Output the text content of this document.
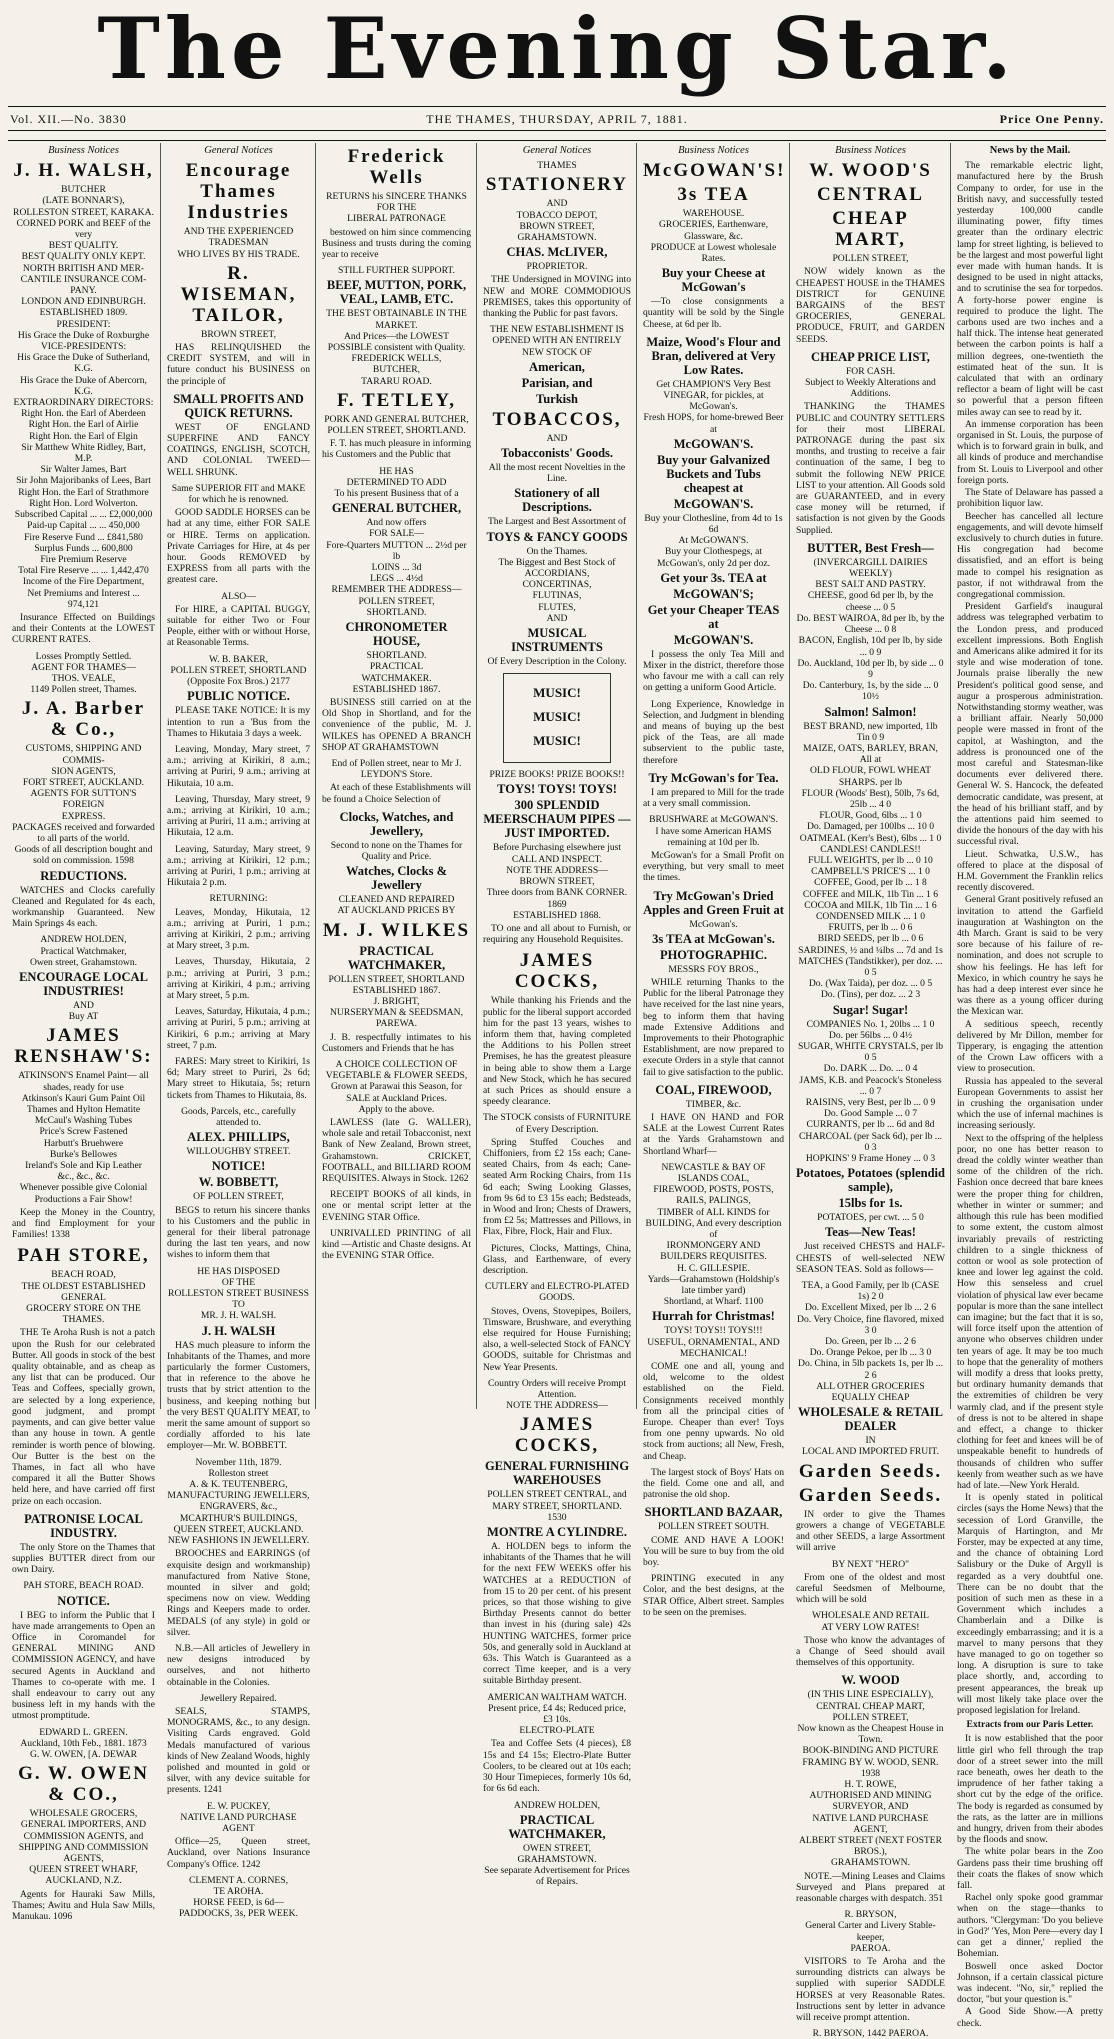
The Evening Star.
Vol. XII.—No. 3830	THE THAMES, THURSDAY, APRIL 7, 1881.	Price One Penny.
Business Notices
J. H. WALSH,
BUTCHER
(LATE BONNAR'S),
ROLLESTON STREET, KARAKA.
CORNED PORK and BEEF of the very
BEST QUALITY.
BEST QUALITY ONLY KEPT.
NORTH BRITISH AND MER-
CANTILE INSURANCE COM-
PANY.
LONDON AND EDINBURGH.
ESTABLISHED 1809.
PRESIDENT:
His Grace the Duke of Roxburghe
VICE-PRESIDENTS:
His Grace the Duke of Sutherland, K.G.
His Grace the Duke of Abercorn, K.G.
EXTRAORDINARY DIRECTORS:
Right Hon. the Earl of Aberdeen
Right Hon. the Earl of Airlie
Right Hon. the Earl of Elgin
Sir Matthew White Ridley, Bart, M.P.
Sir Walter James, Bart
Sir John Majoribanks of Lees, Bart
Right Hon. the Earl of Strathmore
Right Hon. Lord Wolverton.
Subscribed Capital ... ... £2,000,000
Paid-up Capital ... ... 450,000
Fire Reserve Fund ... £841,580
Surplus Funds ... 600,800
Fire Premium Reserve
Total Fire Reserve ... ... 1,442,470
Income of the Fire Department,
Net Premiums and Interest ... 974,121
Insurance Effected on Buildings and their Contents at the LOWEST CURRENT RATES.
Losses Promptly Settled.
AGENT FOR THAMES—
THOS. VEALE,
1149 Pollen street, Thames.
J. A. Barber & Co.,
CUSTOMS, SHIPPING AND COMMIS-
SION AGENTS,
FORT STREET, AUCKLAND.
AGENTS FOR SUTTON'S FOREIGN
EXPRESS.
PACKAGES received and forwarded to all parts of the world.
Goods of all description bought and sold on commission. 1598
REDUCTIONS.
WATCHES and Clocks carefully Cleaned and Regulated for 4s each, workmanship Guaranteed. New Main Springs 4s each.
ANDREW HOLDEN,
Practical Watchmaker,
Owen street, Grahamstown.
ENCOURAGE LOCAL INDUSTRIES!
AND
Buy AT
JAMES RENSHAW'S:
ATKINSON'S Enamel Paint— all shades, ready for use
Atkinson's Kauri Gum Paint Oil
Thames and Hylton Hematite
McCaul's Washing Tubes
Price's Screw Fastened
Harbutt's Bruehwere
Burke's Bellowes
Ireland's Sole and Kip Leather
&c., &c., &c.
Whenever possible give Colonial Productions a Fair Show!
Keep the Money in the Country, and find Employment for your Families! 1338
PAH STORE,
BEACH ROAD,
THE OLDEST ESTABLISHED GENERAL
GROCERY STORE ON THE THAMES.
THE Te Aroha Rush is not a patch upon the Rush for our celebrated Butter. All goods in stock of the best quality obtainable, and as cheap as any list that can be produced. Our Teas and Coffees, specially grown, are selected by a long experience, good judgment, and prompt payments, and can give better value than any house in town. A gentle reminder is worth pence of blowing. Our Butter is the best on the Thames, in fact all who have compared it all the Butter Shows held here, and have carried off first prize on each occasion.
PATRONISE LOCAL INDUSTRY.
The only Store on the Thames that supplies BUTTER direct from our own Dairy.
PAH STORE, BEACH ROAD.
NOTICE.
I BEG to inform the Public that I have made arrangements to Open an Office in Coromandel for GENERAL MINING AND COMMISSION AGENCY, and have secured Agents in Auckland and Thames to co-operate with me. I shall endeavour to carry out any business left in my hands with the utmost promptitude.
EDWARD L. GREEN.
Auckland, 10th Feb., 1881. 1873
G. W. OWEN, [A. DEWAR
G. W. OWEN & CO.,
WHOLESALE GROCERS, GENERAL IMPORTERS, AND
COMMISSION AGENTS, and SHIPPING AND COMMISSION AGENTS,
QUEEN STREET WHARF,
AUCKLAND, N.Z.
Agents for Hauraki Saw Mills, Thames; Awitu and Hula Saw Mills, Manukau. 1096
General Notices
Encourage Thames Industries
AND THE EXPERIENCED TRADESMAN
WHO LIVES BY HIS TRADE.
R. WISEMAN, TAILOR,
BROWN STREET,
HAS RELINQUISHED the CREDIT SYSTEM, and will in future conduct his BUSINESS on the principle of
SMALL PROFITS AND QUICK RETURNS.
WEST OF ENGLAND SUPERFINE AND FANCY COATINGS, ENGLISH, SCOTCH, AND COLONIAL TWEED—WELL SHRUNK.
Same SUPERIOR FIT and MAKE for which he is renowned.
GOOD SADDLE HORSES can be had at any time, either FOR SALE or HIRE. Terms on application. Private Carriages for Hire, at 4s per hour. Goods REMOVED by EXPRESS from all parts with the greatest care.
ALSO—
For HIRE, a CAPITAL BUGGY, suitable for either Two or Four People, either with or without Horse, at Reasonable Terms.
W. B. BAKER,
POLLEN STREET, SHORTLAND
(Opposite Fox Bros.) 2177
PUBLIC NOTICE.
PLEASE TAKE NOTICE: It is my intention to run a 'Bus from the Thames to Hikutaia 3 days a week.
Leaving, Monday, Mary street, 7 a.m.; arriving at Kirikiri, 8 a.m.; arriving at Puriri, 9 a.m.; arriving at Hikutaia, 10 a.m.
Leaving, Thursday, Mary street, 9 a.m.; arriving at Kirikiri, 10 a.m.; arriving at Puriri, 11 a.m.; arriving at Hikutaia, 12 a.m.
Leaving, Saturday, Mary street, 9 a.m.; arriving at Kirikiri, 12 p.m.; arriving at Puriri, 1 p.m.; arriving at Hikutaia 2 p.m.
RETURNING:
Leaves, Monday, Hikutaia, 12 a.m.; arriving at Puriri, 1 p.m.; arriving at Kirikiri, 2 p.m.; arriving at Mary street, 3 p.m.
Leaves, Thursday, Hikutaia, 2 p.m.; arriving at Puriri, 3 p.m.; arriving at Kirikiri, 4 p.m.; arriving at Mary street, 5 p.m.
Leaves, Saturday, Hikutaia, 4 p.m.; arriving at Puriri, 5 p.m.; arriving at Kirikiri, 6 p.m.; arriving at Mary street, 7 p.m.
FARES: Mary street to Kirikiri, 1s 6d; Mary street to Puriri, 2s 6d; Mary street to Hikutaia, 5s; return tickets from Thames to Hikutaia, 8s.
Goods, Parcels, etc., carefully attended to.
ALEX. PHILLIPS,
WILLOUGHBY STREET.
NOTICE!
W. BOBBETT,
OF POLLEN STREET,
BEGS to return his sincere thanks to his Customers and the public in general for their liberal patronage during the last ten years, and now wishes to inform them that
HE HAS DISPOSED
OF THE
ROLLESTON STREET BUSINESS
TO
MR. J. H. WALSH.
J. H. WALSH
HAS much pleasure to inform the Inhabitants of the Thames, and more particularly the former Customers, that in reference to the above he trusts that by strict attention to the business, and keeping nothing but the very BEST QUALITY MEAT, to merit the same amount of support so cordially afforded to his late employer—Mr. W. BOBBETT.
November 11th, 1879.
Rolleston street
A. & K. TEUTENBERG,
MANUFACTURING JEWELLERS,
ENGRAVERS, &c.,
MCARTHUR'S BUILDINGS, QUEEN STREET, AUCKLAND.
NEW FASHIONS IN JEWELLERY.
BROOCHES and EARRINGS (of exquisite design and workmanship) manufactured from Native Stone, mounted in silver and gold; specimens now on view. Wedding Rings and Keepers made to order. MEDALS (of any style) in gold or silver.
N.B.—All articles of Jewellery in new designs introduced by ourselves, and not hitherto obtainable in the Colonies.
Jewellery Repaired.
SEALS, STAMPS, MONOGRAMS, &c., to any design. Visiting Cards engraved. Gold Medals manufactured of various kinds of New Zealand Woods, highly polished and mounted in gold or silver, with any device suitable for presents. 1241
E. W. PUCKEY,
NATIVE LAND PURCHASE AGENT
Office—25, Queen street, Auckland, over Nations Insurance Company's Office. 1242
CLEMENT A. CORNES,
TE AROHA.
HORSE FEED, is 6d—PADDOCKS, 3s, PER WEEK.
Frederick Wells
RETURNS his SINCERE THANKS FOR THE
LIBERAL PATRONAGE
bestowed on him since commencing Business and trusts during the coming year to receive
STILL FURTHER SUPPORT.
BEEF, MUTTON, PORK, VEAL, LAMB, ETC.
THE BEST OBTAINABLE IN THE MARKET.
And Prices—the LOWEST POSSIBLE consistent with Quality.
FREDERICK WELLS,
BUTCHER,
TARARU ROAD.
F. TETLEY,
PORK AND GENERAL BUTCHER,
POLLEN STREET, SHORTLAND.
F. T. has much pleasure in informing his Customers and the Public that
HE HAS
DETERMINED TO ADD
To his present Business that of a
GENERAL BUTCHER,
And now offers
FOR SALE—
Fore-Quarters MUTTON ... 2½d per lb
LOINS ... 3d
LEGS ... 4½d
REMEMBER THE ADDRESS—
POLLEN STREET,
SHORTLAND.
CHRONOMETER HOUSE,
SHORTLAND.
PRACTICAL
WATCHMAKER.
ESTABLISHED 1867.
BUSINESS still carried on at the Old Shop in Shortland, and for the convenience of the public, M. J. WILKES has OPENED A BRANCH SHOP AT GRAHAMSTOWN
End of Pollen street, near to Mr J. LEYDON'S Store.
At each of these Establishments will be found a Choice Selection of
Clocks, Watches, and Jewellery,
Second to none on the Thames for Quality and Price.
Watches, Clocks & Jewellery
CLEANED AND REPAIRED
AT AUCKLAND PRICES BY
M. J. WILKES
PRACTICAL WATCHMAKER,
POLLEN STREET, SHORTLAND
ESTABLISHED 1867.
J. BRIGHT,
NURSERYMAN & SEEDSMAN,
PAREWA.
J. B. respectfully intimates to his Customers and Friends that he has
A CHOICE COLLECTION OF
VEGETABLE & FLOWER SEEDS,
Grown at Parawai this Season, for SALE at Auckland Prices.
Apply to the above.
LAWLESS (late G. WALLER), whole sale and retail Tobacconist, next Bank of New Zealand, Brown street, Grahamstown. CRICKET, FOOTBALL, and BILLIARD ROOM REQUISITES. Always in Stock. 1262
RECEIPT BOOKS of all kinds, in one or mental script letter at the EVENING STAR Office.
UNRIVALLED PRINTING of all kind —Artistic and Chaste designs. At the EVENING STAR Office.
General Notices
THAMES
STATIONERY
AND
TOBACCO DEPOT,
BROWN STREET, GRAHAMSTOWN.
CHAS. McLIVER,
PROPRIETOR.
THE Undersigned in MOVING into NEW and MORE COMMODIOUS PREMISES, takes this opportunity of thanking the Public for past favors.
THE NEW ESTABLISHMENT IS
OPENED WITH AN ENTIRELY NEW STOCK OF
American,
Parisian, and
Turkish
TOBACCOS,
AND
Tobacconists' Goods.
All the most recent Novelties in the Line.
Stationery of all Descriptions.
The Largest and Best Assortment of
TOYS & FANCY GOODS
On the Thames.
The Biggest and Best Stock of
ACCORDIANS,
CONCERTINAS,
FLUTINAS,
FLUTES,
AND
MUSICAL INSTRUMENTS
Of Every Description in the Colony.
MUSIC!
MUSIC!
MUSIC!
PRIZE BOOKS! PRIZE BOOKS!!
TOYS! TOYS! TOYS!
300 SPLENDID MEERSCHAUM PIPES —JUST IMPORTED.
Before Purchasing elsewhere just CALL AND INSPECT.
NOTE THE ADDRESS—
BROWN STREET,
Three doors from BANK CORNER. 1869
ESTABLISHED 1868.
TO one and all about to Furnish, or requiring any Household Requisites.
JAMES COCKS,
While thanking his Friends and the public for the liberal support accorded him for the past 13 years, wishes to inform them that, having completed the Additions to his Pollen street Premises, he has the greatest pleasure in being able to show them a Large and New Stock, which he has secured at such Prices as should ensure a speedy clearance.
The STOCK consists of FURNITURE of Every Description.
Spring Stuffed Couches and Chiffoniers, from £2 15s each; Cane-seated Chairs, from 4s each; Cane-seated Arm Rocking Chairs, from 11s 6d each; Swing Looking Glasses, from 9s 6d to £3 15s each; Bedsteads, in Wood and Iron; Chests of Drawers, from £2 5s; Mattresses and Pillows, in Flax, Fibre, Flock, Hair and Flux.
Pictures, Clocks, Mattings, China, Glass, and Earthenware, of every description.
CUTLERY and ELECTRO-PLATED GOODS.
Stoves, Ovens, Stovepipes, Boilers, Timsware, Brushware, and everything else required for House Furnishing; also, a well-selected Stock of FANCY GOODS, suitable for Christmas and New Year Presents.
Country Orders will receive Prompt Attention.
NOTE THE ADDRESS—
JAMES COCKS,
GENERAL FURNISHING WAREHOUSES
POLLEN STREET CENTRAL, and MARY STREET, SHORTLAND. 1530
MONTRE A CYLINDRE.
A. HOLDEN begs to inform the inhabitants of the Thames that he will for the next FEW WEEKS offer his WATCHES at a REDUCTION of from 15 to 20 per cent. of his present prices, so that those wishing to give Birthday Presents cannot do better than invest in his (during sale) 42s HUNTING WATCHES, former price 50s, and generally sold in Auckland at 63s. This Watch is Guaranteed as a correct Time keeper, and is a very suitable Birthday present.
AMERICAN WALTHAM WATCH.
Present price, £4 4s; Reduced price, £3 10s.
ELECTRO-PLATE
Tea and Coffee Sets (4 pieces), £8 15s and £4 15s; Electro-Plate Butter Coolers, to be cleared out at 10s each; 30 Hour Timepieces, formerly 10s 6d, for 6s 6d each.
ANDREW HOLDEN,
PRACTICAL WATCHMAKER,
OWEN STREET, GRAHAMSTOWN.
See separate Advertisement for Prices of Repairs.
Business Notices
McGOWAN'S!
3s TEA
WAREHOUSE.
GROCERIES, Earthenware, Glassware, &c.
PRODUCE at Lowest wholesale Rates.
Buy your Cheese at McGowan's
—To close consignments a quantity will be sold by the Single Cheese, at 6d per lb.
Maize, Wood's Flour and Bran, delivered at Very Low Rates.
Get CHAMPION'S Very Best VINEGAR, for pickles, at McGowan's.
Fresh HOPS, for home-brewed Beer at
McGOWAN'S.
Buy your Galvanized Buckets and Tubs cheapest at
McGOWAN'S.
Buy your Clothesline, from 4d to 1s 6d
At McGOWAN'S.
Buy your Clothespegs, at McGowan's, only 2d per doz.
Get your 3s. TEA at
McGOWAN'S;
Get your Cheaper TEAS at
McGOWAN'S.
I possess the only Tea Mill and Mixer in the district, therefore those who favour me with a call can rely on getting a uniform Good Article.
Long Experience, Knowledge in Selection, and Judgment in blending and means of buying up the best pick of the Teas, are all made subservient to the public taste, therefore
Try McGowan's for Tea.
I am prepared to Mill for the trade at a very small commission.
BRUSHWARE at McGOWAN'S.
I have some American HAMS remaining at 10d per lb.
McGowan's for a Small Profit on everything, but very small to meet the times.
Try McGowan's Dried Apples and Green Fruit at
McGowan's.
3s TEA at McGowan's.
PHOTOGRAPHIC.
MESSRS FOY BROS.,
WHILE returning Thanks to the Public for the liberal Patronage they have received for the last nine years, beg to inform them that having made Extensive Additions and Improvements to their Photographic Establishment, are now prepared to execute Orders in a style that cannot fail to give satisfaction to the public.
COAL, FIREWOOD,
TIMBER, &c.
I HAVE ON HAND and FOR SALE at the Lowest Current Rates at the Yards Grahamstown and Shortland Wharf—
NEWCASTLE & BAY OF ISLANDS COAL,
FIREWOOD, POSTS, POSTS, RAILS, PALINGS,
TIMBER of ALL KINDS for BUILDING, And every description of
IRONMONGERY AND BUILDERS REQUISITES.
H. C. GILLESPIE.
Yards—Grahamstown (Holdship's late timber yard)
Shortland, at Wharf. 1100
Hurrah for Christmas!
TOYS! TOYS!! TOYS!!!
USEFUL, ORNAMENTAL, AND
MECHANICAL!
COME one and all, young and old, welcome to the oldest established on the Field. Consignments received monthly from all the principal cities of Europe. Cheaper than ever! Toys from one penny upwards. No old stock from auctions; all New, Fresh, and Cheap.
The largest stock of Boys' Hats on the field. Come one and all, and patronise the old shop.
SHORTLAND BAZAAR,
POLLEN STREET SOUTH.
COME AND HAVE A LOOK! You will be sure to buy from the old boy.
PRINTING executed in any Color, and the best designs, at the STAR Office, Albert street. Samples to be seen on the premises.
Business Notices
W. WOOD'S
CENTRAL
CHEAP MART,
POLLEN STREET,
NOW widely known as the CHEAPEST HOUSE in the THAMES DISTRICT for GENUINE BARGAINS of the BEST GROCERIES, GENERAL PRODUCE, FRUIT, and GARDEN SEEDS.
CHEAP PRICE LIST,
FOR CASH.
Subject to Weekly Alterations and Additions.
THANKING the THAMES PUBLIC and COUNTRY SETTLERS for their most LIBERAL PATRONAGE during the past six months, and trusting to receive a fair continuation of the same, I beg to submit the following NEW PRICE LIST to your attention. All Goods sold are GUARANTEED, and in every case money will be returned, if satisfaction is not given by the Goods Supplied.
BUTTER, Best Fresh—
(INVERCARGILL DAIRIES WEEKLY)
BEST SALT AND PASTRY.
CHEESE, good 6d per lb, by the cheese ... 0 5
Do. BEST WAIROA, 8d per lb, by the Cheese ... 0 8
BACON, English, 10d per lb, by side ... 0 9
Do. Auckland, 10d per lb, by side ... 0 9
Do. Canterbury, 1s, by the side ... 0 10½
Salmon! Salmon!
BEST BRAND, new imported, 1lb Tin 0 9
MAIZE, OATS, BARLEY, BRAN, All at
OLD FLOUR, FOWL WHEAT
SHARPS. per lb
FLOUR (Woods' Best), 50lb, 7s 6d, 25lb ... 4 0
FLOUR, Good, 6lbs ... 1 0
Do. Damaged, per 100lbs ... 10 0
OATMEAL (Kerr's Best), 6lbs ... 1 0
CANDLES! CANDLES!!
FULL WEIGHTS, per lb ... 0 10
CAMPBELL'S PRICE'S ... 1 0
COFFEE, Good, per lb ... 1 8
COFFEE and MILK, 1lb Tin ... 1 6
COCOA and MILK, 1lb Tin ... 1 6
CONDENSED MILK ... 1 0
FRUITS, per lb ... 0 6
BIRD SEEDS, per lb ... 0 6
SARDINES, ½ and ¼lbs ... 7d and 1s
MATCHES (Tandstikker), per doz. ... 0 5
Do. (Wax Taida), per doz. ... 0 5
Do. (Tins), per doz. ... 2 3
Sugar! Sugar!
COMPANIES No. 1, 20lbs ... 1 0
Do. per 56lbs ... 0 4½
SUGAR, WHITE CRYSTALS, per lb 0 5
Do. DARK ... Do. ... 0 4
JAMS, K.B. and Peacock's Stoneless ... 0 7
RAISINS, very Best, per lb ... 0 9
Do. Good Sample ... 0 7
CURRANTS, per lb ... 6d and 8d
CHARCOAL (per Sack 6d), per lb ... 0 3
HOPKINS' 9 Frame Honey ... 0 3
Potatoes, Potatoes (splendid sample),
15lbs for 1s.
POTATOES, per cwt. ... 5 0
Teas—New Teas!
Just received CHESTS and HALF-CHESTS of well-selected NEW SEASON TEAS. Sold as follows—
TEA, a Good Family, per lb (CASE 1s) 2 0
Do. Excellent Mixed, per lb ... 2 6
Do. Very Choice, fine flavored, mixed 3 0
Do. Green, per lb ... 2 6
Do. Orange Pekoe, per lb ... 3 0
Do. China, in 5lb packets 1s, per lb ... 2 6
ALL OTHER GROCERIES EQUALLY CHEAP
WHOLESALE & RETAIL DEALER
IN
LOCAL AND IMPORTED FRUIT.
Garden Seeds.
Garden Seeds.
IN order to give the Thames growers a change of VEGETABLE and other SEEDS, a large Assortment will arrive
BY NEXT "HERO"
From one of the oldest and most careful Seedsmen of Melbourne, which will be sold
WHOLESALE AND RETAIL
AT VERY LOW RATES!
Those who know the advantages of a Change of Seed should avail themselves of this opportunity.
W. WOOD
(IN THIS LINE ESPECIALLY),
CENTRAL CHEAP MART,
POLLEN STREET,
Now known as the Cheapest House in Town.
BOOK-BINDING AND PICTURE FRAMING BY W. WOOD, SENR. 1938
H. T. ROWE,
AUTHORISED AND MINING SURVEYOR, AND
NATIVE LAND PURCHASE AGENT,
ALBERT STREET (NEXT FOSTER BROS.),
GRAHAMSTOWN.
NOTE.—Mining Leases and Claims Surveyed and Plans prepared at reasonable charges with despatch. 351
R. BRYSON,
General Carter and Livery Stable-keeper,
PAEROA.
VISITORS to Te Aroha and the surrounding districts can always be supplied with superior SADDLE HORSES at very Reasonable Rates. Instructions sent by letter in advance will receive prompt attention.
R. BRYSON, 1442 PAEROA.
News by the Mail.
The remarkable electric light, manufactured here by the Brush Company to order, for use in the British navy, and successfully tested yesterday 100,000 candle illuminating power, fifty times greater than the ordinary electric lamp for street lighting, is believed to be the largest and most powerful light ever made with human hands. It is designed to be used in night attacks, and to scrutinise the sea for torpedos. A forty-horse power engine is required to produce the light. The carbons used are two inches and a half thick. The intense heat generated between the carbon points is half a million degrees, one-twentieth the estimated heat of the sun. It is calculated that with an ordinary reflector a beam of light will be cast so powerful that a person fifteen miles away can see to read by it.
An immense corporation has been organised in St. Louis, the purpose of which is to forward grain in bulk, and all kinds of produce and merchandise from St. Louis to Liverpool and other foreign ports.
The State of Delaware has passed a prohibition liquor law.
Beecher has cancelled all lecture engagements, and will devote himself exclusively to church duties in future. His congregation had become dissatisfied, and an effort is being made to compel his resignation as pastor, if not withdrawal from the congregational commission.
President Garfield's inaugural address was telegraphed verbatim to the London press, and produced excellent impressions. Both English and Americans alike admired it for its style and wise moderation of tone. Journals praise liberally the new President's political good sense, and augur a prosperous administration. Notwithstanding stormy weather, was a brilliant affair. Nearly 50,000 people were massed in front of the capitol, at Washington, and the address is pronounced one of the most careful and Statesman-like documents ever delivered there. General W. S. Hancock, the defeated democratic candidate, was present, at the head of his brilliant staff, and by the attentions paid him seemed to divide the honours of the day with his successful rival.
Lieut. Schwatka, U.S.W., has offered to place at the disposal of H.M. Government the Franklin relics recently discovered.
General Grant positively refused an invitation to attend the Garfield inauguration at Washington on the 4th March. Grant is said to be very sore because of his failure of re-nomination, and does not scruple to show his feelings. He has left for Mexico, in which country he says he has had a deep interest ever since he was there as a young officer during the Mexican war.
A seditious speech, recently delivered by Mr Dillon, member for Tipperary, is engaging the attention of the Crown Law officers with a view to prosecution.
Russia has appealed to the several European Governments to assist her in crushing the organisation under which the use of infernal machines is increasing seriously.
Next to the offspring of the helpless poor, no one has better reason to dread the coldly winter weather than some of the children of the rich. Fashion once decreed that bare knees were the proper thing for children, whether in winter or summer; and although this rule has been modified to some extent, the custom almost invariably prevails of restricting children to a single thickness of cotton or wool as sole protection of knee and lower leg against the cold. How this senseless and cruel violation of physical law ever became popular is more than the sane intellect can imagine; but the fact that it is so, will force itself upon the attention of anyone who observes children under ten years of age. It may be too much to hope that the generality of mothers will modify a dress that looks pretty, but ordinary humanity demands that the extremities of children be very warmly clad, and if the present style of dress is not to be altered in shape and effect, a change to thicker clothing for feet and knees will be of unspeakable benefit to hundreds of thousands of children who suffer keenly from weather such as we have had of late.—New York Herald.
It is openly stated in political circles (says the Home News) that the secession of Lord Granville, the Marquis of Hartington, and Mr Forster, may be expected at any time, and the chance of obtaining Lord Salisbury or the Duke of Argyll is regarded as a very doubtful one. There can be no doubt that the position of such men as these in a Government which includes a Chamberlain and a Dilke is exceedingly embarrassing; and it is a marvel to many persons that they have managed to go on together so long. A disruption is sure to take place shortly, and, according to present appearances, the break up will most likely take place over the proposed legislation for Ireland.
Extracts from our Paris Letter.
It is now established that the poor little girl who fell through the trap door of a street sewer into the mill race beneath, owes her death to the imprudence of her father taking a short cut by the edge of the orifice. The body is regarded as consumed by the rats, as the latter are in millions and hungry, driven from their abodes by the floods and snow.
The white polar bears in the Zoo Gardens pass their time brushing off their coats the flakes of snow which fall.
Rachel only spoke good grammar when on the stage—thanks to authors. "Clergyman: 'Do you believe in God?' 'Yes, Mon Pere—every day I can get a dinner,' replied the Bohemian.
Boswell once asked Doctor Johnson, if a certain classical picture was indecent. "No, sir," replied the doctor, "but your question is."
A Good Side Show.—A pretty check.
